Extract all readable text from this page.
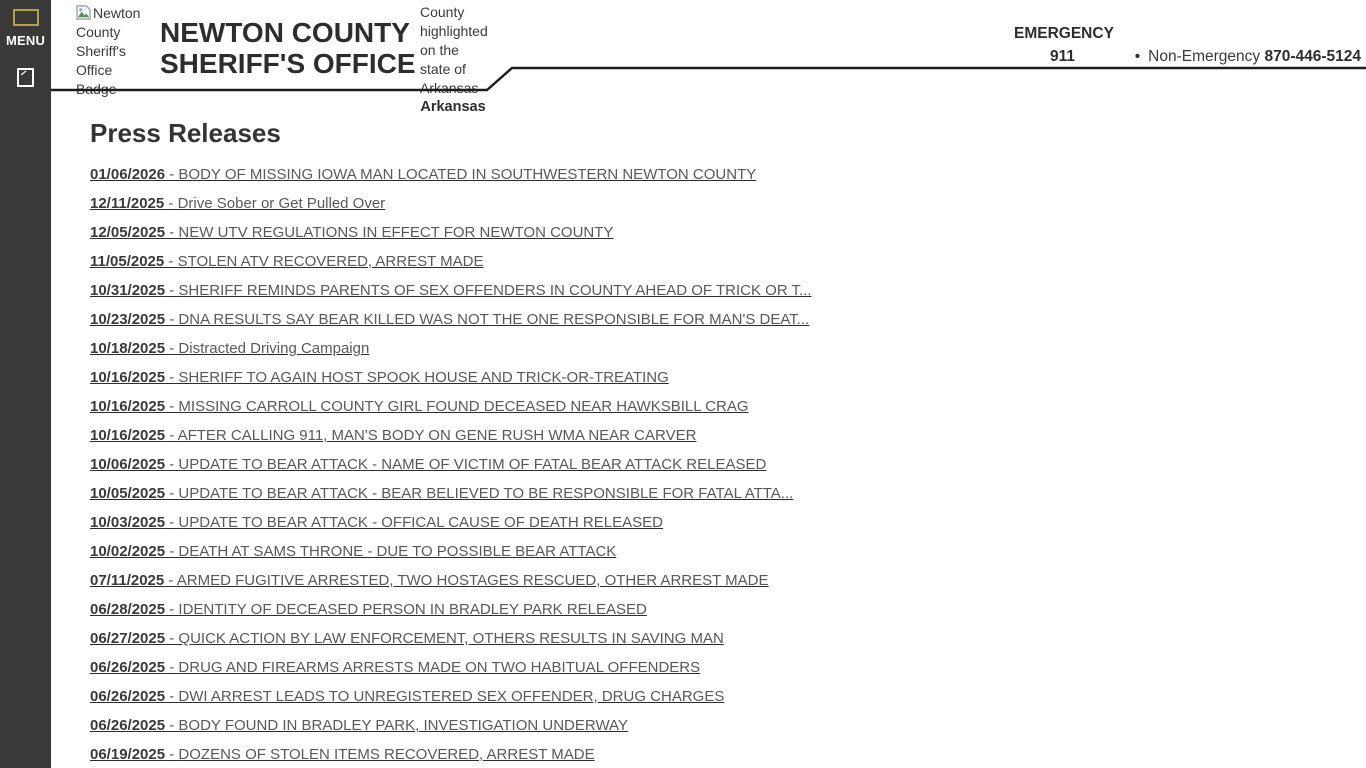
MENU
Newton County Sheriff's Office Badge
NEWTON COUNTY
SHERIFF'S OFFICE
County highlighted on the state of Arkansas
Arkansas
EMERGENCY
911	• Non-Emergency 870-446-5124
Press Releases
01/06/2026 - BODY OF MISSING IOWA MAN LOCATED IN SOUTHWESTERN NEWTON COUNTY
12/11/2025 - Drive Sober or Get Pulled Over
12/05/2025 - NEW UTV REGULATIONS IN EFFECT FOR NEWTON COUNTY
11/05/2025 - STOLEN ATV RECOVERED, ARREST MADE
10/31/2025 - SHERIFF REMINDS PARENTS OF SEX OFFENDERS IN COUNTY AHEAD OF TRICK OR T...
10/23/2025 - DNA RESULTS SAY BEAR KILLED WAS NOT THE ONE RESPONSIBLE FOR MAN'S DEAT...
10/18/2025 - Distracted Driving Campaign
10/16/2025 - SHERIFF TO AGAIN HOST SPOOK HOUSE AND TRICK-OR-TREATING
10/16/2025 - MISSING CARROLL COUNTY GIRL FOUND DECEASED NEAR HAWKSBILL CRAG
10/16/2025 - AFTER CALLING 911, MAN'S BODY ON GENE RUSH WMA NEAR CARVER
10/06/2025 - UPDATE TO BEAR ATTACK - NAME OF VICTIM OF FATAL BEAR ATTACK RELEASED
10/05/2025 - UPDATE TO BEAR ATTACK - BEAR BELIEVED TO BE RESPONSIBLE FOR FATAL ATTA...
10/03/2025 - UPDATE TO BEAR ATTACK - OFFICAL CAUSE OF DEATH RELEASED
10/02/2025 - DEATH AT SAMS THRONE - DUE TO POSSIBLE BEAR ATTACK
07/11/2025 - ARMED FUGITIVE ARRESTED, TWO HOSTAGES RESCUED, OTHER ARREST MADE
06/28/2025 - IDENTITY OF DECEASED PERSON IN BRADLEY PARK RELEASED
06/27/2025 - QUICK ACTION BY LAW ENFORCEMENT, OTHERS RESULTS IN SAVING MAN
06/26/2025 - DRUG AND FIREARMS ARRESTS MADE ON TWO HABITUAL OFFENDERS
06/26/2025 - DWI ARREST LEADS TO UNREGISTERED SEX OFFENDER, DRUG CHARGES
06/26/2025 - BODY FOUND IN BRADLEY PARK, INVESTIGATION UNDERWAY
06/19/2025 - DOZENS OF STOLEN ITEMS RECOVERED, ARREST MADE
